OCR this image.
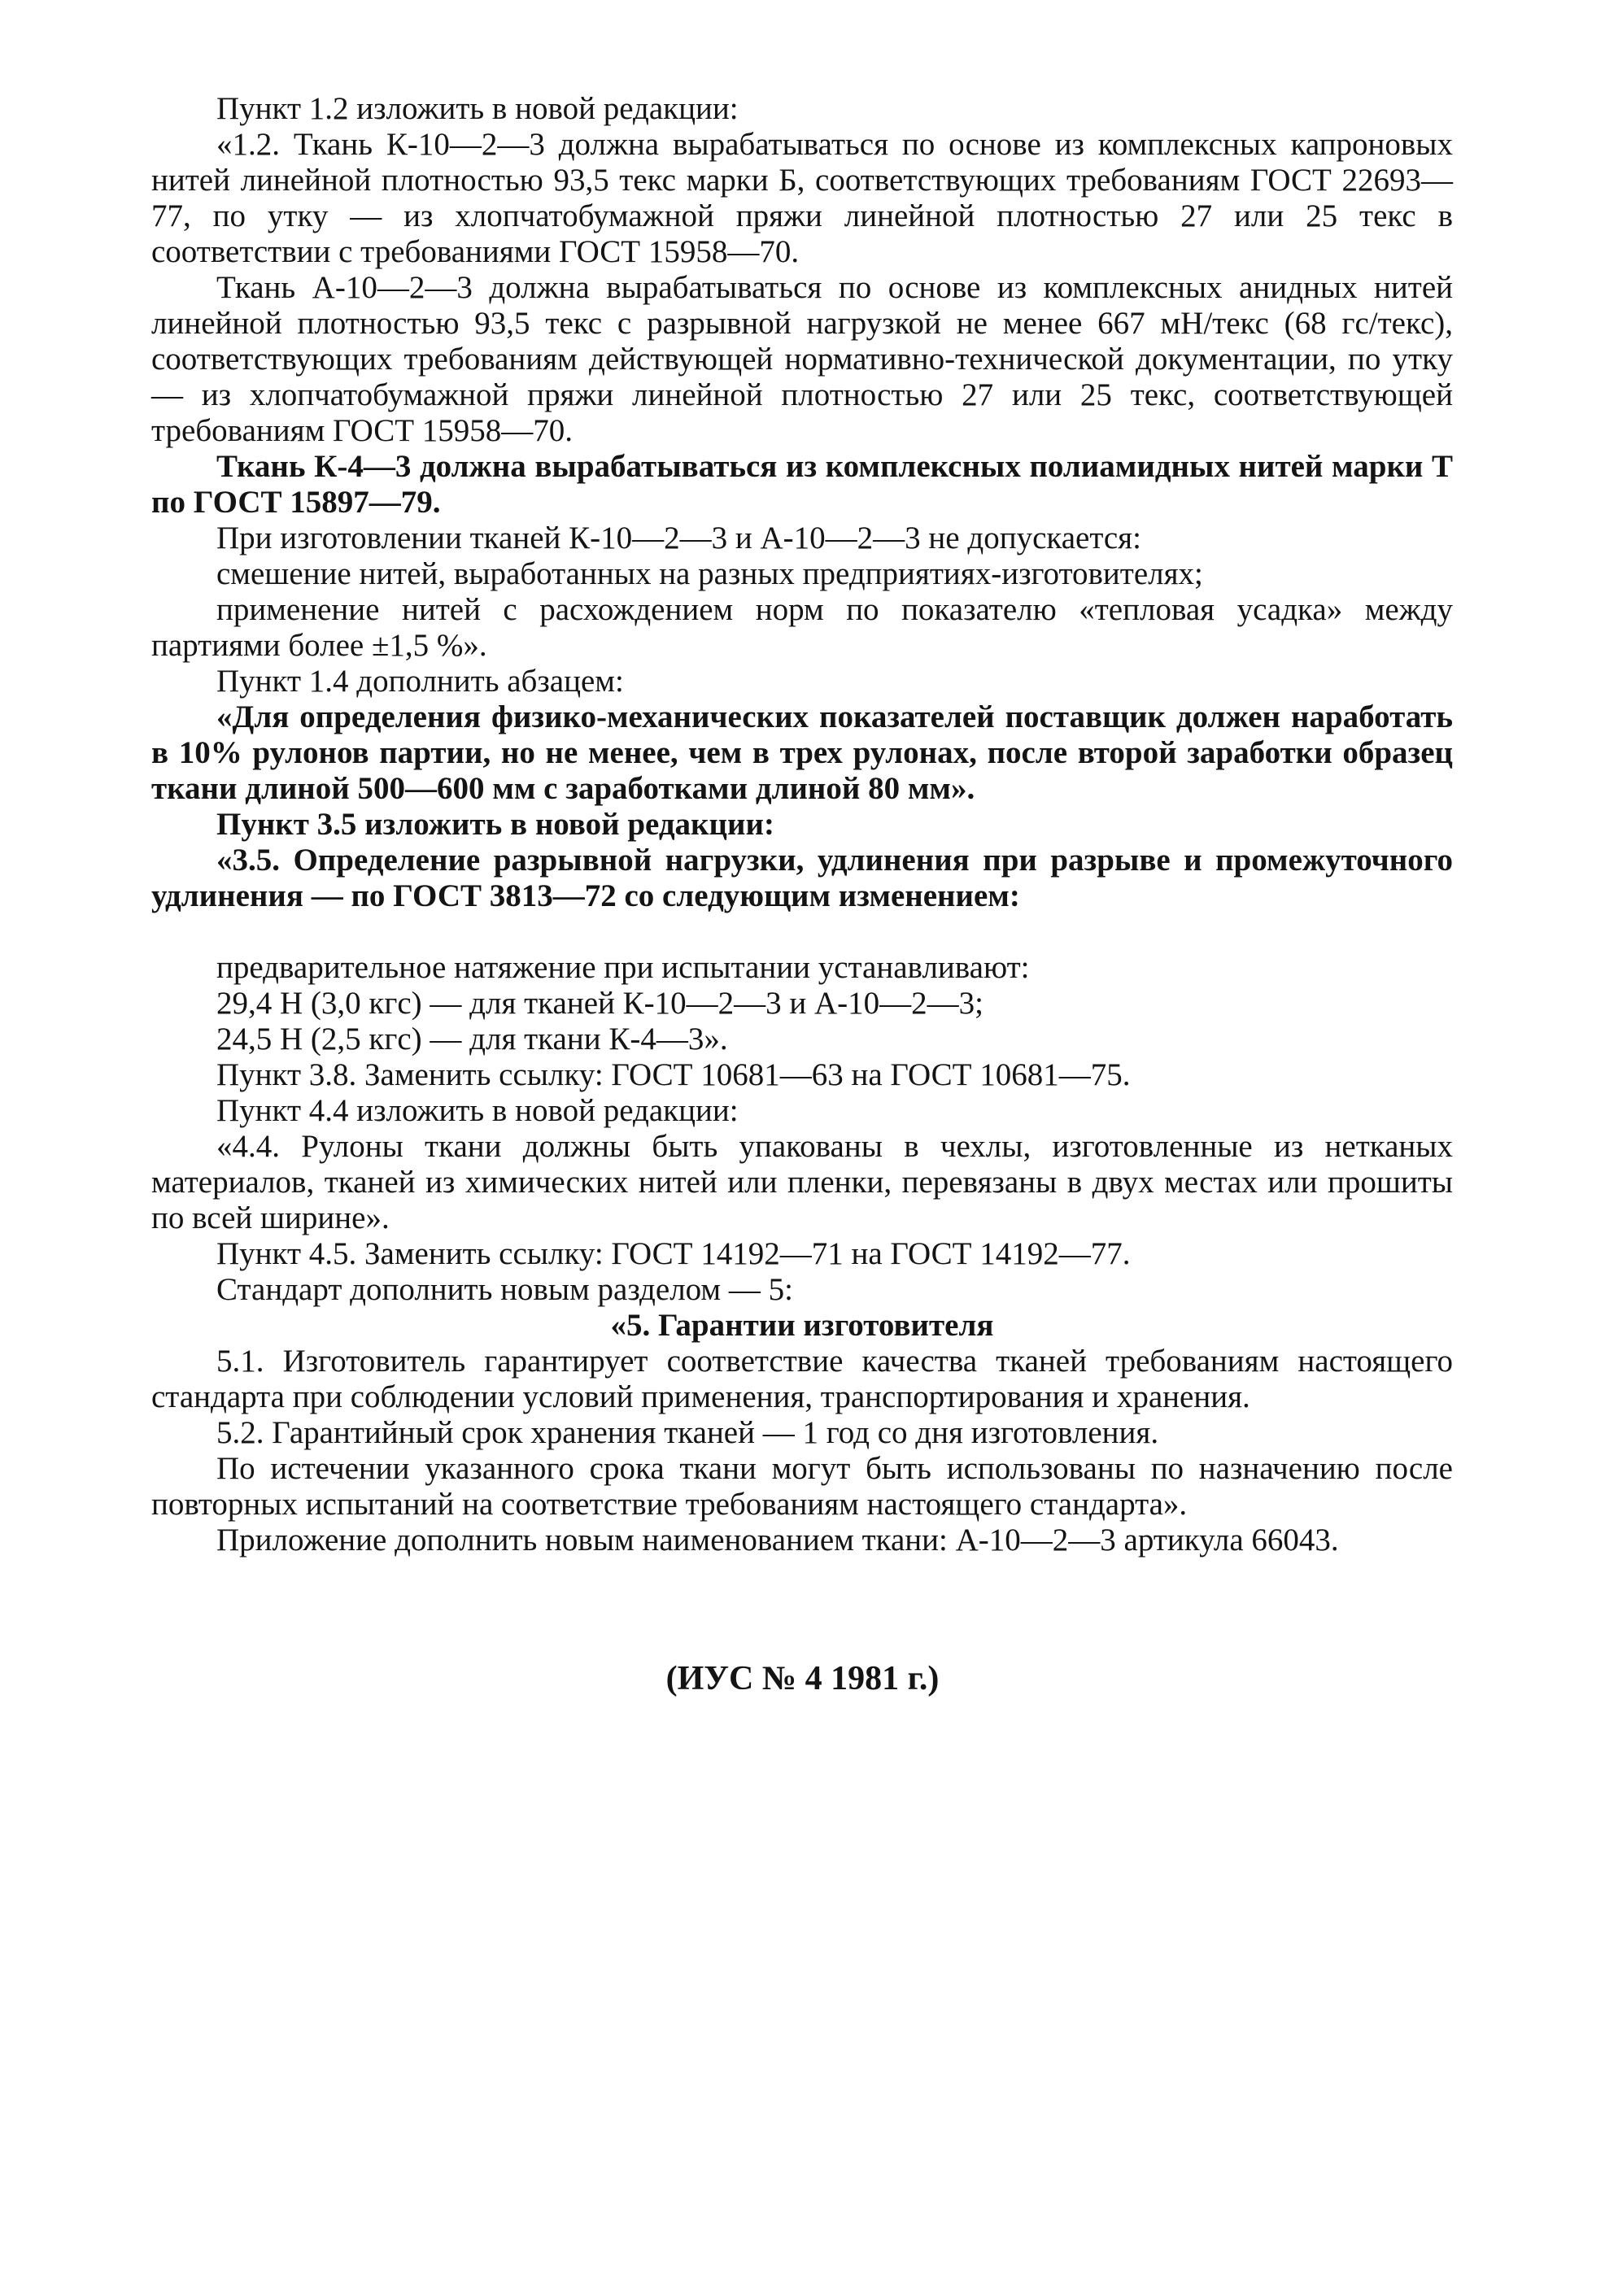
Пункт 1.2 изложить в новой редакции:

«1.2. Ткань К-10—2—3 должна вырабатываться по основе из комплексных капроновых нитей линейной плотностью 93,5 текс марки Б, соответствующих требованиям ГОСТ 22693—77, по утку — из хлопчатобумажной пряжи линейной плотностью 27 или 25 текс в соответствии с требованиями ГОСТ 15958—70.

Ткань А-10—2—3 должна вырабатываться по основе из комплексных анидных нитей линейной плотностью 93,5 текс с разрывной нагрузкой не менее 667 мН/текс (68 гс/текс), соответствующих требованиям действующей нормативно-технической документации, по утку — из хлопчатобумажной пряжи линейной плотностью 27 или 25 текс, соответствующей требованиям ГОСТ 15958—70.

Ткань К-4—3 должна вырабатываться из комплексных полиамидных нитей марки Т по ГОСТ 15897—79.

При изготовлении тканей К-10—2—3 и А-10—2—3 не допускается:

смешение нитей, выработанных на разных предприятиях-изготовителях;

применение нитей с расхождением норм по показателю «тепловая усадка» между партиями более ±1,5 %».

Пункт 1.4 дополнить абзацем:

«Для определения физико-механических показателей поставщик должен наработать в 10% рулонов партии, но не менее, чем в трех рулонах, после второй заработки образец ткани длиной 500—600 мм с заработками длиной 80 мм».

Пункт 3.5 изложить в новой редакции:

«3.5. Определение разрывной нагрузки, удлинения при разрыве и промежуточного удлинения — по ГОСТ 3813—72 со следующим изменением:

предварительное натяжение при испытании устанавливают:

29,4 Н (3,0 кгс) — для тканей К-10—2—3 и А-10—2—3;

24,5 Н (2,5 кгс) — для ткани К-4—3».

Пункт 3.8. Заменить ссылку: ГОСТ 10681—63 на ГОСТ 10681—75.

Пункт 4.4 изложить в новой редакции:

«4.4. Рулоны ткани должны быть упакованы в чехлы, изготовленные из нетканых материалов, тканей из химических нитей или пленки, перевязаны в двух местах или прошиты по всей ширине».

Пункт 4.5. Заменить ссылку: ГОСТ 14192—71 на ГОСТ 14192—77.

Стандарт дополнить новым разделом — 5:

«5. Гарантии изготовителя

5.1. Изготовитель гарантирует соответствие качества тканей требованиям настоящего стандарта при соблюдении условий применения, транспортирования и хранения.

5.2. Гарантийный срок хранения тканей — 1 год со дня изготовления.

По истечении указанного срока ткани могут быть использованы по назначению после повторных испытаний на соответствие требованиям настоящего стандарта».

Приложение дополнить новым наименованием ткани: А-10—2—3 артикула 66043.

(ИУС № 4 1981 г.)
